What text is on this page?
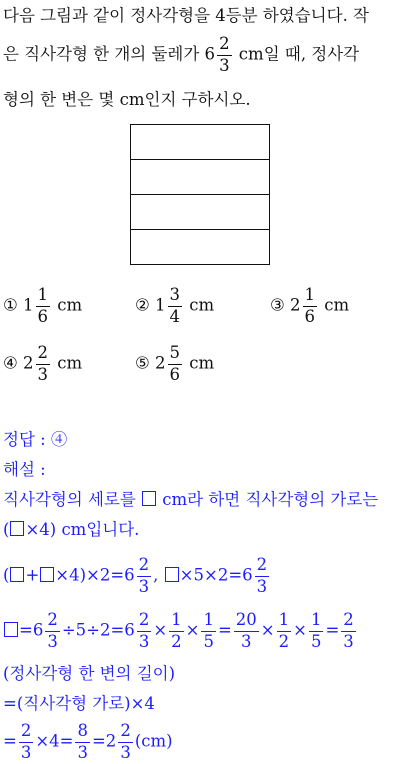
다음 그림과 같이 정사각형을 4등분 하였습니다. 작
은 직사각형 한 개의 둘레가 $6 \frac{2}{3}$ cm일 때, 정사각
형의 한 변은 몇 cm인지 구하시오.
① $1 \frac{1}{6}$ cm	② $1 \frac{3}{4}$ cm	③ $2 \frac{1}{6}$ cm
④ $2 \frac{2}{3}$ cm	⑤ $2 \frac{5}{6}$ cm
정답 : ④
해설 :
직사각형의 세로를  cm라 하면 직사각형의 가로는
( ×4) cm입니다.
( + $\times 4)\times 2=6 \frac{2}{3}$ , $\times 5\times 2=6 \frac{2}{3}$
$=6 \frac{2}{3} \div 5\div 2=6 \frac{2}{3} \times \frac{1}{2} \times \frac{1}{5} = \frac{20}{3} \times \frac{1}{2} \times \frac{1}{5} = \frac{2}{3}$
(정사각형 한 변의 길이)
=(직사각형 가로)×4
= $\frac{2}{3} \times 4= \frac{8}{3} =2 \frac{2}{3} (cm)$
